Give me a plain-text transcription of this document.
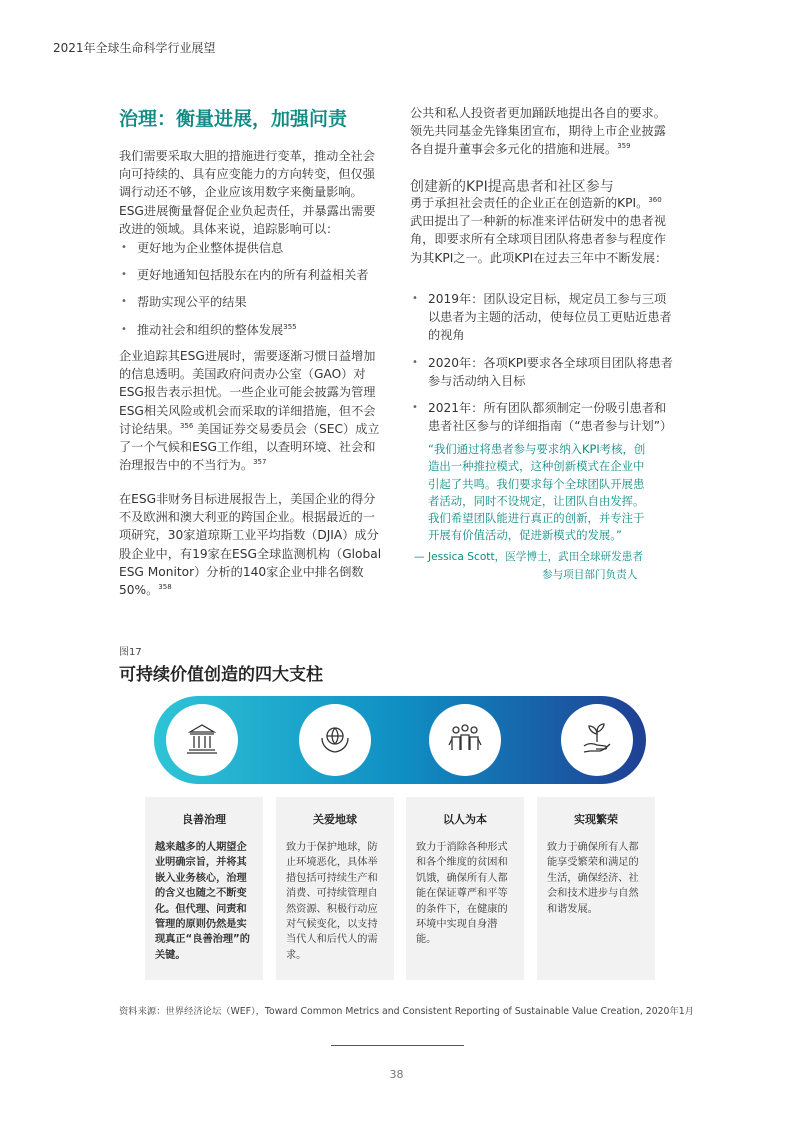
2021年全球生命科学行业展望
治理：衡量进展，加强问责

我们需要采取大胆的措施进行变革，推动全社会向可持续的、具有应变能力的方向转变，但仅强调行动还不够，企业应该用数字来衡量影响。ESG进展衡量督促企业负起责任，并暴露出需要改进的领域。具体来说，追踪影响可以：

• 更好地为企业整体提供信息
• 更好地通知包括股东在内的所有利益相关者
• 帮助实现公平的结果
• 推动社会和组织的整体发展$^{355}$

企业追踪其ESG进展时，需要逐渐习惯日益增加的信息透明。美国政府问责办公室（GAO）对ESG报告表示担忧。一些企业可能会披露为管理ESG相关风险或机会而采取的详细措施，但不会讨论结果。$^{356}$ 美国证券交易委员会（SEC）成立了一个气候和ESG工作组，以查明环境、社会和治理报告中的不当行为。$^{357}$

在ESG非财务目标进展报告上，美国企业的得分不及欧洲和澳大利亚的跨国企业。根据最近的一项研究，30家道琼斯工业平均指数（DJIA）成分股企业中，有19家在ESG全球监测机构（Global ESG Monitor）分析的140家企业中排名倒数50%。$^{358}$

公共和私人投资者更加踊跃地提出各自的要求。领先共同基金先锋集团宣布，期待上市企业披露各自提升董事会多元化的措施和进展。$^{359}$

创建新的KPI提高患者和社区参与

勇于承担社会责任的企业正在创造新的KPI。$^{360}$
武田提出了一种新的标准来评估研发中的患者视角，即要求所有全球项目团队将患者参与程度作为其KPI之一。此项KPI在过去三年中不断发展：

• 2019年：团队设定目标，规定员工参与三项以患者为主题的活动，使每位员工更贴近患者的视角
• 2020年：各项KPI要求各全球项目团队将患者参与活动纳入目标
• 2021年：所有团队都须制定一份吸引患者和患者社区参与的详细指南（“患者参与计划”）
“我们通过将患者参与要求纳入KPI考核，创造出一种推拉模式，这种创新模式在企业中引起了共鸣。我们要求每个全球团队开展患者活动，同时不设规定，让团队自由发挥。我们希望团队能进行真正的创新，并专注于开展有价值活动，促进新模式的发展。”
— Jessica Scott，医学博士，武田全球研发患者
参与项目部门负责人
图17
可持续价值创造的四大支柱
良善治理
越来越多的人期望企业明确宗旨，并将其嵌入业务核心，治理的含义也随之不断变化。但代理、问责和管理的原则仍然是实现真正“良善治理”的关键。
关爱地球
致力于保护地球，防止环境恶化，具体举措包括可持续生产和消费、可持续管理自然资源、积极行动应对气候变化，以支持当代人和后代人的需求。
以人为本
致力于消除各种形式和各个维度的贫困和饥饿，确保所有人都能在保证尊严和平等的条件下，在健康的环境中实现自身潜能。
实现繁荣
致力于确保所有人都能享受繁荣和满足的生活，确保经济、社会和技术进步与自然和谐发展。
资料来源：世界经济论坛（WEF），Toward Common Metrics and Consistent Reporting of Sustainable Value Creation, 2020年1月
38
